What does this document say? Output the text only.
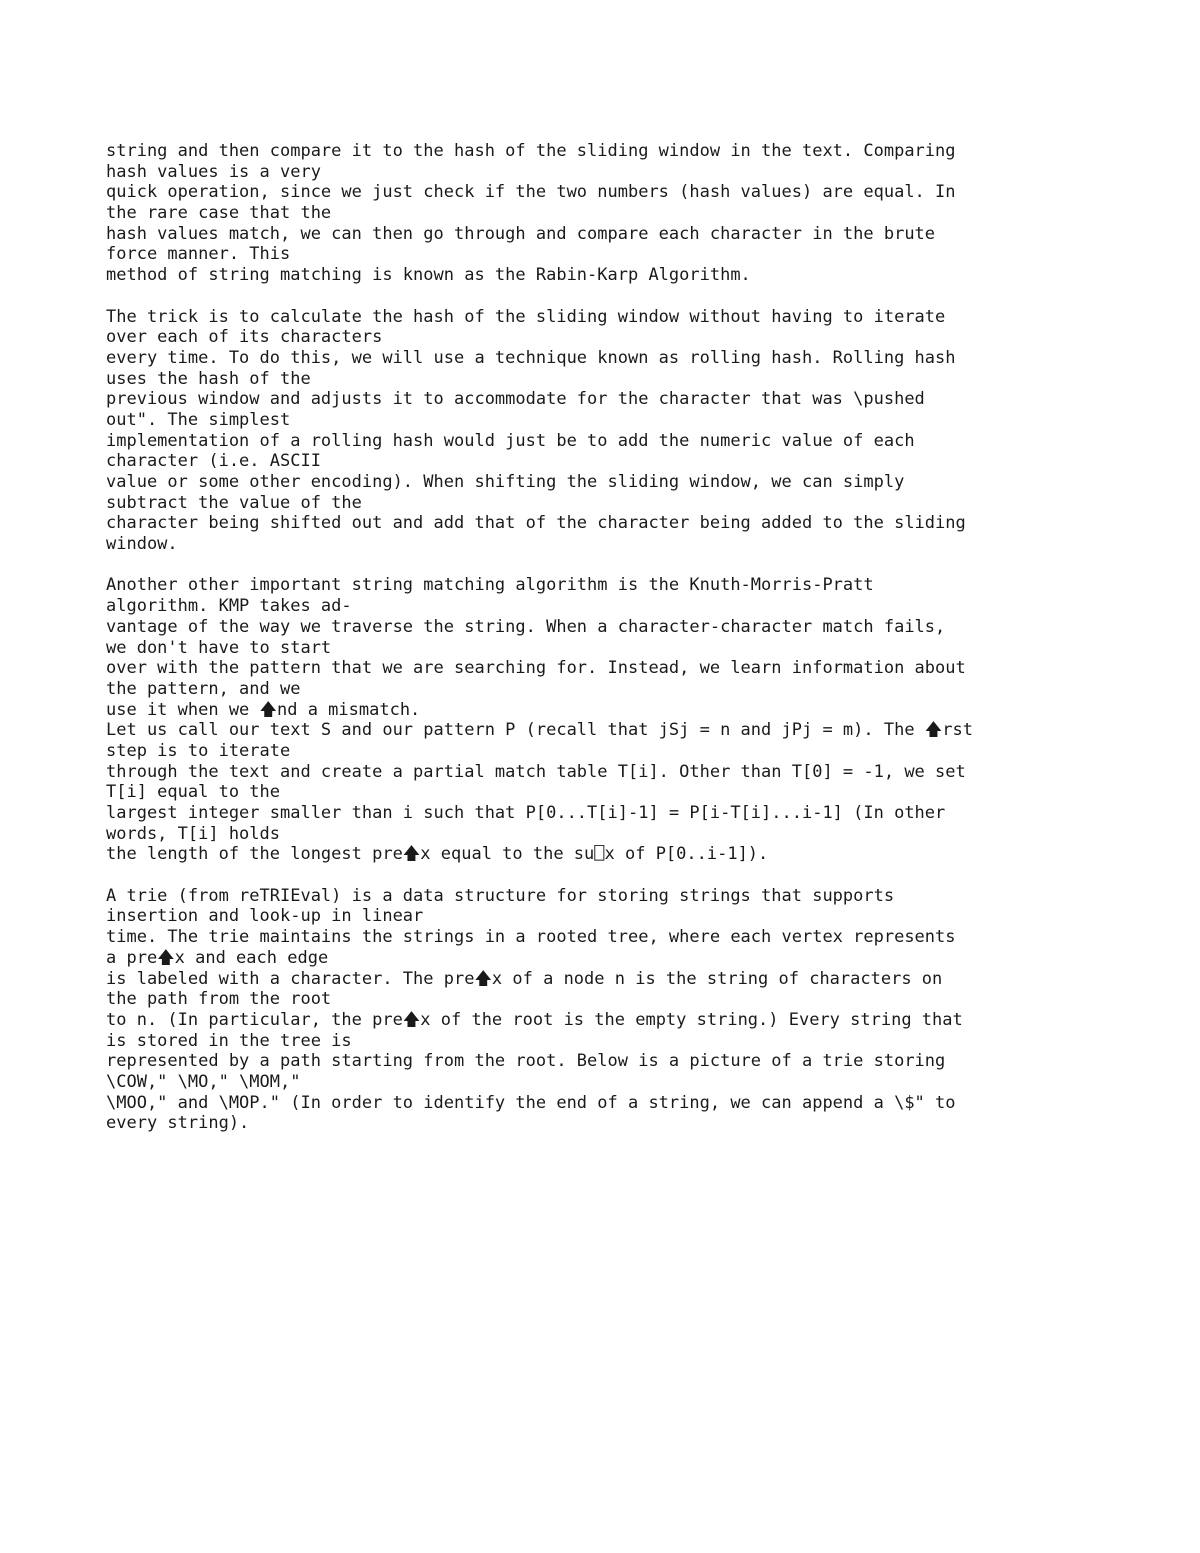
string and then compare it to the hash of the sliding window in the text. Comparing
hash values is a very
quick operation, since we just check if the two numbers (hash values) are equal. In
the rare case that the
hash values match, we can then go through and compare each character in the brute
force manner. This
method of string matching is known as the Rabin-Karp Algorithm.
The trick is to calculate the hash of the sliding window without having to iterate
over each of its characters
every time. To do this, we will use a technique known as rolling hash. Rolling hash
uses the hash of the
previous window and adjusts it to accommodate for the character that was \pushed
out". The simplest
implementation of a rolling hash would just be to add the numeric value of each
character (i.e. ASCII
value or some other encoding). When shifting the sliding window, we can simply
subtract the value of the
character being shifted out and add that of the character being added to the sliding
window.
Another other important string matching algorithm is the Knuth-Morris-Pratt
algorithm. KMP takes ad-
vantage of the way we traverse the string. When a character-character match fails,
we don't have to start
over with the pattern that we are searching for. Instead, we learn information about
the pattern, and we
use it when we 🡅nd a mismatch.
Let us call our text S and our pattern P (recall that jSj = n and jPj = m). The 🡅rst
step is to iterate
through the text and create a partial match table T[i]. Other than T[0] = -1, we set
T[i] equal to the
largest integer smaller than i such that P[0...T[i]-1] = P[i-T[i]...i-1] (In other
words, T[i] holds
the length of the longest pre🡅x equal to the su⎕x of P[0..i-1]).
A trie (from reTRIEval) is a data structure for storing strings that supports
insertion and look-up in linear
time. The trie maintains the strings in a rooted tree, where each vertex represents
a pre🡅x and each edge
is labeled with a character. The pre🡅x of a node n is the string of characters on
the path from the root
to n. (In particular, the pre🡅x of the root is the empty string.) Every string that
is stored in the tree is
represented by a path starting from the root. Below is a picture of a trie storing
\COW," \MO," \MOM,"
\MOO," and \MOP." (In order to identify the end of a string, we can append a \$" to
every string).
